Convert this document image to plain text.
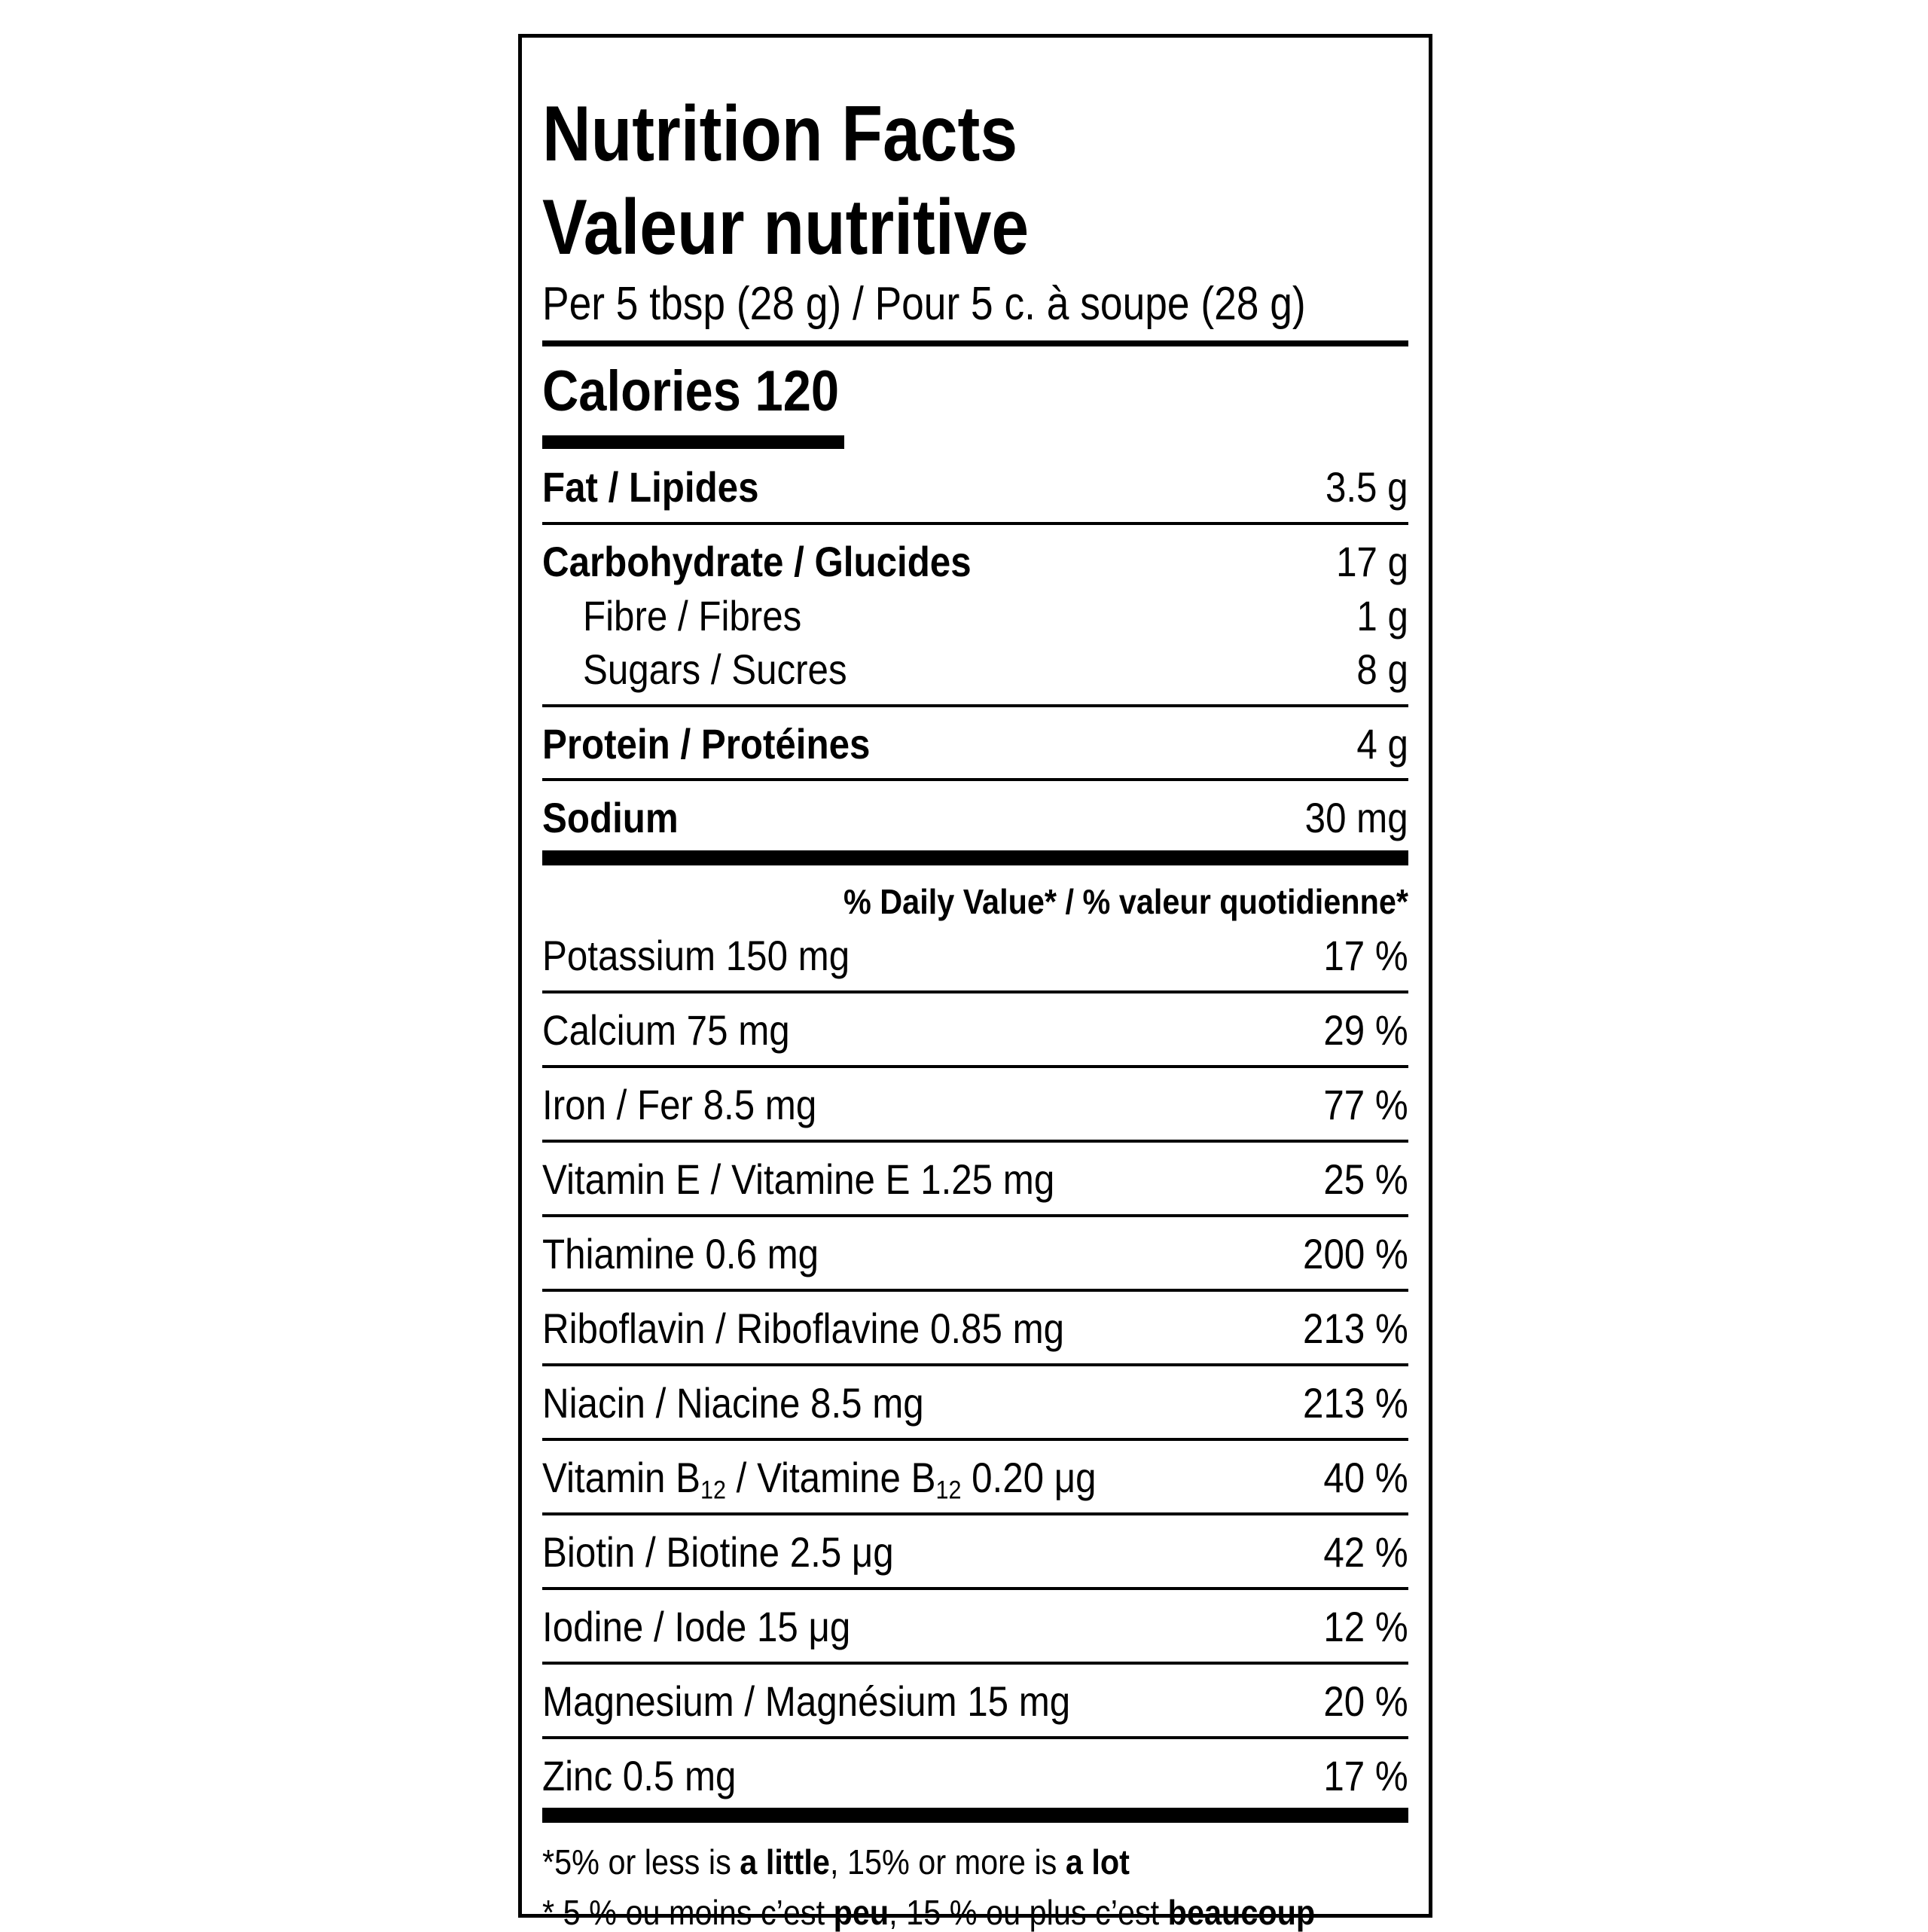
Nutrition Facts
Valeur nutritive
Per 5 tbsp (28 g) / Pour 5 c. à soupe (28 g)
Calories 120
Fat / Lipides	3.5 g
Carbohydrate / Glucides	17 g
Fibre / Fibres	1 g
Sugars / Sucres	8 g
Protein / Protéines	4 g
Sodium	30 mg
% Daily Value* / % valeur quotidienne*
Potassium 150 mg	17 %
Calcium 75 mg	29 %
Iron / Fer 8.5 mg	77 %
Vitamin E / Vitamine E 1.25 mg	25 %
Thiamine 0.6 mg	200 %
Riboflavin / Riboflavine 0.85 mg	213 %
Niacin / Niacine 8.5 mg	213 %
Vitamin $B_{12}$ / Vitamine $B_{12}$ 0.20 μg	40 %
Biotin / Biotine 2.5 μg	42 %
Iodine / Iode 15 μg	12 %
Magnesium / Magnésium 15 mg	20 %
Zinc 0.5 mg	17 %
*5% or less is a little, 15% or more is a lot
* 5 % ou moins c’est peu, 15 % ou plus c’est beaucoup
